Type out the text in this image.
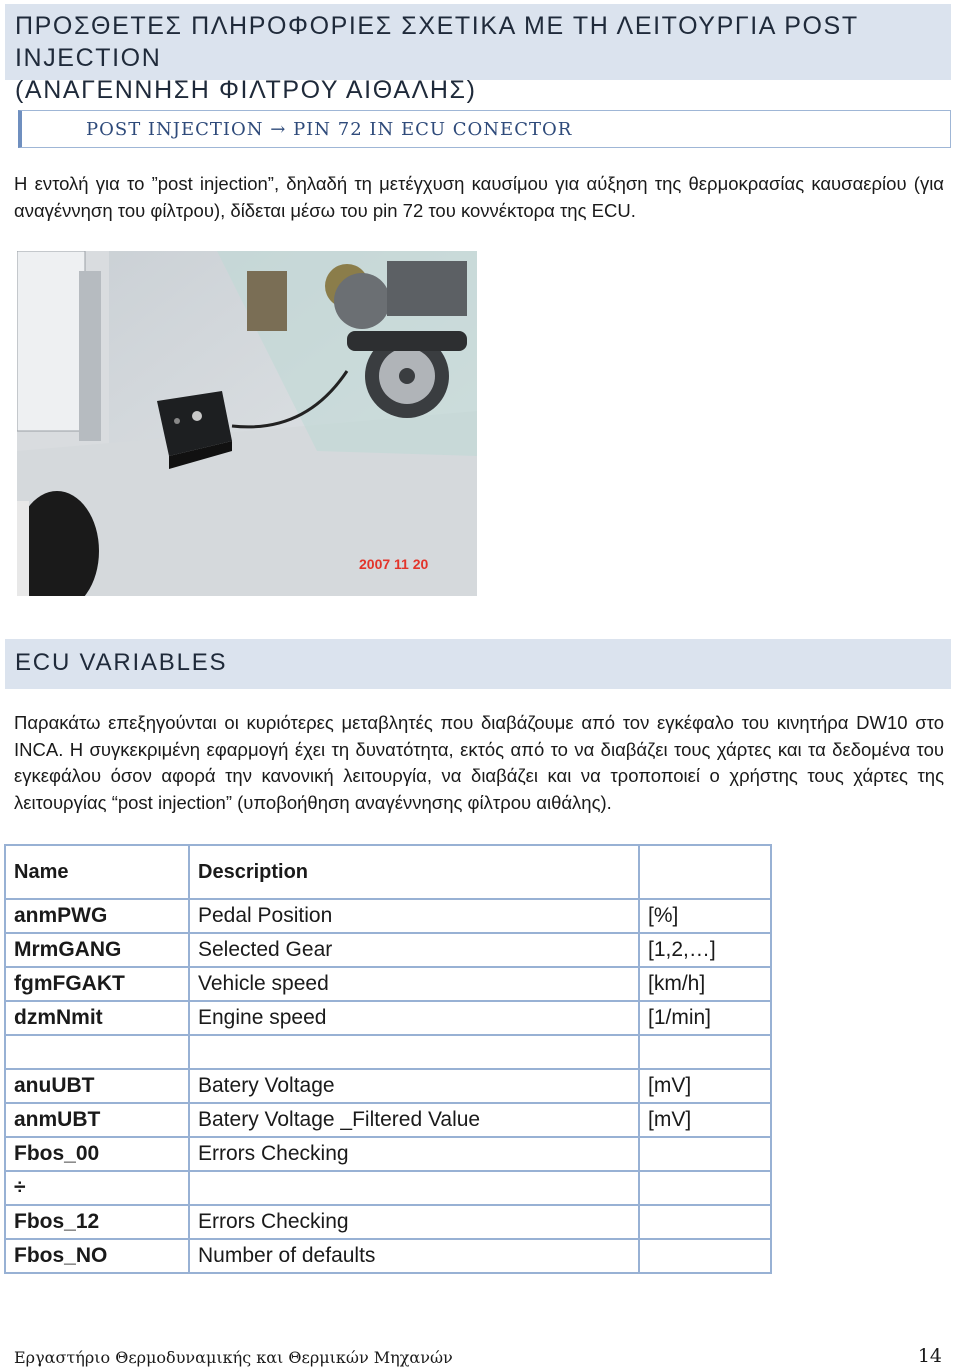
ΠΡΟΣΘΕΤΕΣ ΠΛΗΡΟΦΟΡΙΕΣ ΣΧΕΤΙΚΑ ΜΕ ΤΗ ΛΕΙΤΟΥΡΓΙΑ POST INJECTION
(ΑΝΑΓΕΝΝΗΣΗ ΦΙΛΤΡΟΥ ΑΙΘΑΛΗΣ)
POST INJECTION → PIN 72 IN ECU CONECTOR
Η εντολή για το ”post injection”, δηλαδή τη μετέγχυση καυσίμου για αύξηση της θερμοκρασίας καυσαερίου (για αναγέννηση του φίλτρου), δίδεται μέσω του pin 72 του κοννέκτορα της ECU.
2007 11 20
ECU VARIABLES
Παρακάτω επεξηγούνται οι κυριότερες μεταβλητές που διαβάζουμε από τον εγκέφαλο του κινητήρα DW10 στο INCA. Η συγκεκριμένη εφαρμογή έχει τη δυνατότητα, εκτός από το να διαβάζει τους χάρτες και τα δεδομένα του εγκεφάλου όσον αφορά την κανονική λειτουργία, να διαβάζει και να τροποποιεί ο χρήστης τους χάρτες της λειτουργίας “post injection” (υποβοήθηση αναγέννησης φίλτρου αιθάλης).
Name	Description	
anmPWG	Pedal Position	[%]
MrmGANG	Selected Gear	[1,2,…]
fgmFGAKT	Vehicle speed	[km/h]
dzmNmit	Engine speed	[1/min]

anuUBT	Batery Voltage	[mV]
anmUBT	Batery Voltage _Filtered Value	[mV]
Fbos_00	Errors Checking	
÷		
Fbos_12	Errors Checking	
Fbos_NO	Number of defaults	
Εργαστήριο Θερμοδυναμικής και Θερμικών Μηχανών	14
